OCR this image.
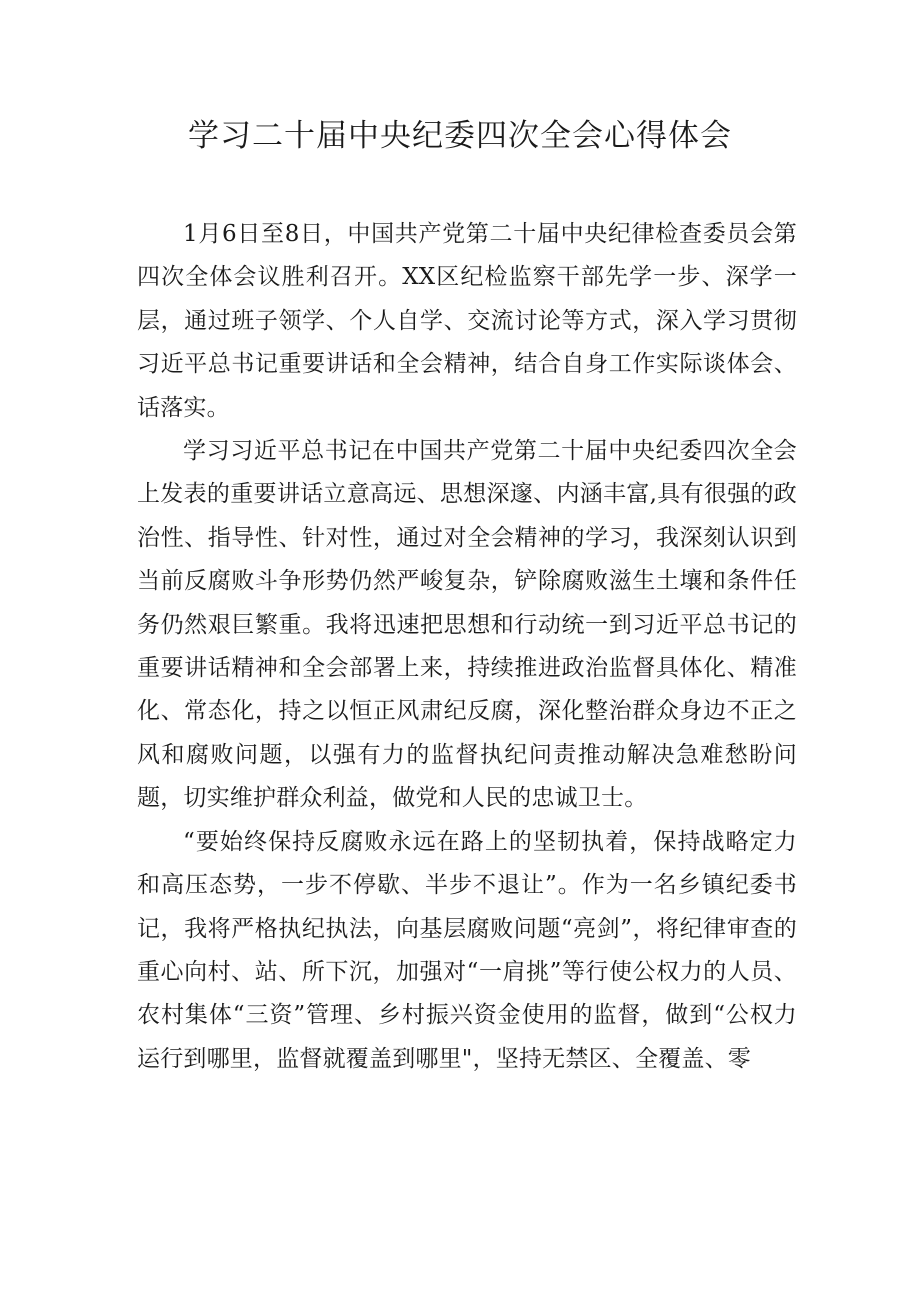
学习二十届中央纪委四次全会心得体会

1月6日至8日，中国共产党第二十届中央纪律检查委员会第四次全体会议胜利召开。XX区纪检监察干部先学一步、深学一层，通过班子领学、个人自学、交流讨论等方式，深入学习贯彻习近平总书记重要讲话和全会精神，结合自身工作实际谈体会、话落实。

学习习近平总书记在中国共产党第二十届中央纪委四次全会上发表的重要讲话立意高远、思想深邃、内涵丰富,具有很强的政治性、指导性、针对性，通过对全会精神的学习，我深刻认识到当前反腐败斗争形势仍然严峻复杂，铲除腐败滋生土壤和条件任务仍然艰巨繁重。我将迅速把思想和行动统一到习近平总书记的重要讲话精神和全会部署上来，持续推进政治监督具体化、精准化、常态化，持之以恒正风肃纪反腐，深化整治群众身边不正之风和腐败问题，以强有力的监督执纪问责推动解决急难愁盼问题，切实维护群众利益，做党和人民的忠诚卫士。

“要始终保持反腐败永远在路上的坚韧执着，保持战略定力和高压态势，一步不停歇、半步不退让”。作为一名乡镇纪委书记，我将严格执纪执法，向基层腐败问题“亮剑”，将纪律审查的重心向村、站、所下沉，加强对“一肩挑”等行使公权力的人员、农村集体“三资”管理、乡村振兴资金使用的监督，做到“公权力运行到哪里，监督就覆盖到哪里"，坚持无禁区、全覆盖、零
